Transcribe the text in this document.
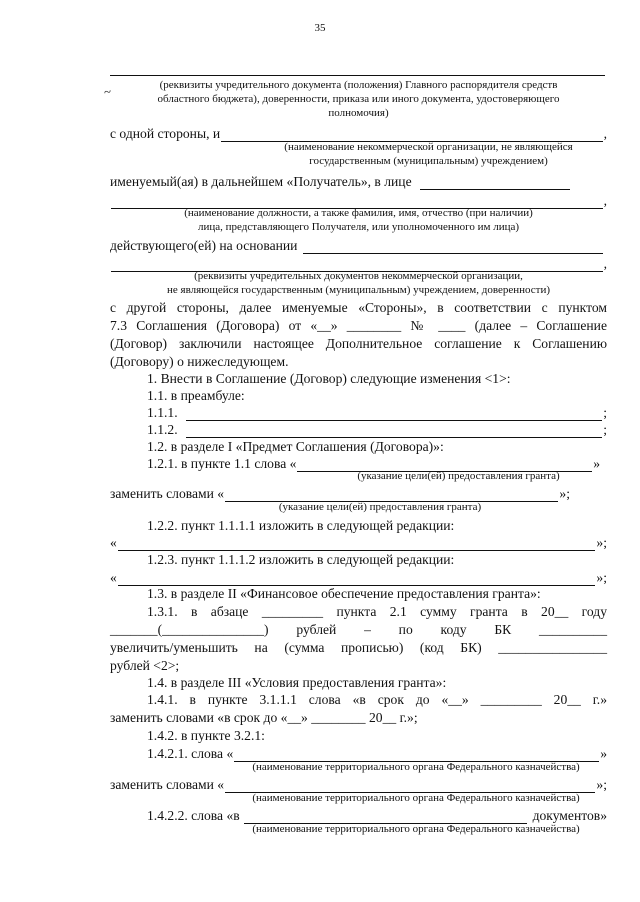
35
~	(реквизиты учредительного документа (положения) Главного распорядителя средств
областного бюджета), доверенности, приказа или иного документа, удостоверяющего
полномочия)
с одной стороны, и	,
(наименование некоммерческой организации, не являющейся
государственным (муниципальным) учреждением)
именуемый(ая) в дальнейшем «Получатель», в лице
,
(наименование должности, а также фамилия, имя, отчество (при наличии)
лица, представляющего Получателя, или уполномоченного им лица)
действующего(ей) на основании
,
(реквизиты учредительных документов некоммерческой организации,
не являющейся государственным (муниципальным) учреждением, доверенности)
с другой стороны, далее именуемые «Стороны», в соответствии с пунктом
7.3 Соглашения (Договора) от «__» ________ № ____ (далее – Соглашение
(Договор) заключили настоящее Дополнительное соглашение к Соглашению
(Договору) о нижеследующем.
1. Внести в Соглашение (Договор) следующие изменения <1>:
1.1. в преамбуле:
1.1.1.	;
1.1.2.	;
1.2. в разделе I «Предмет Соглашения (Договора)»:
1.2.1. в пункте 1.1 слова «	»
(указание цели(ей) предоставления гранта)
заменить словами «	»;
(указание цели(ей) предоставления гранта)
1.2.2. пункт 1.1.1.1 изложить в следующей редакции:
«	»;
1.2.3. пункт 1.1.1.2 изложить в следующей редакции:
«	»;
1.3. в разделе II «Финансовое обеспечение предоставления гранта»:
1.3.1. в абзаце _________ пункта 2.1 сумму гранта в 20__ году
_______(_______________) рублей – по коду БК __________
увеличить/уменьшить на (сумма прописью) (код БК) ________________
рублей <2>;
1.4. в разделе III «Условия предоставления гранта»:
1.4.1. в пункте 3.1.1.1 слова «в срок до «__» _________ 20__ г.»
заменить словами «в срок до «__» ________ 20__ г.»;
1.4.2. в пункте 3.2.1:
1.4.2.1. слова «	»
(наименование территориального органа Федерального казначейства)
заменить словами «	»;
(наименование территориального органа Федерального казначейства)
1.4.2.2. слова «в	документов»
(наименование территориального органа Федерального казначейства)
